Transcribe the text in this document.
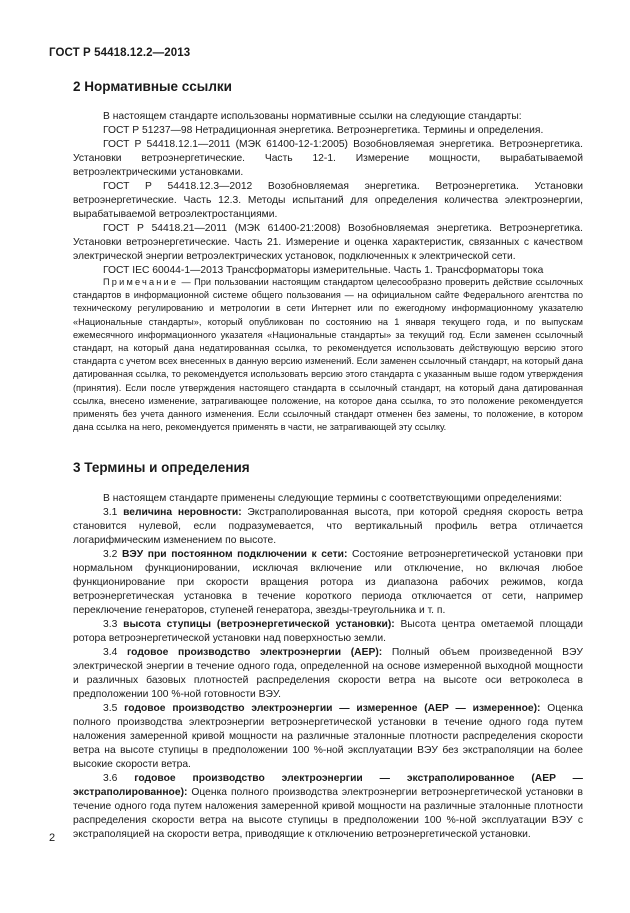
ГОСТ Р 54418.12.2—2013
2 Нормативные ссылки

В настоящем стандарте использованы нормативные ссылки на следующие стандарты:

ГОСТ Р 51237—98 Нетрадиционная энергетика. Ветроэнергетика. Термины и определения.

ГОСТ Р 54418.12.1—2011 (МЭК 61400-12-1:2005) Возобновляемая энергетика. Ветроэнергетика. Установки ветроэнергетические. Часть 12-1. Измерение мощности, вырабатываемой ветроэлектрическими установками.

ГОСТ Р 54418.12.3—2012 Возобновляемая энергетика. Ветроэнергетика. Установки ветроэнергетические. Часть 12.3. Методы испытаний для определения количества электроэнергии, вырабатываемой ветроэлектростанциями.

ГОСТ Р 54418.21—2011 (МЭК 61400-21:2008) Возобновляемая энергетика. Ветроэнергетика. Установки ветроэнергетические. Часть 21. Измерение и оценка характеристик, связанных с качеством электрической энергии ветроэлектрических установок, подключенных к электрической сети.

ГОСТ IEC 60044-1—2013 Трансформаторы измерительные. Часть 1. Трансформаторы тока

Примечание — При пользовании настоящим стандартом целесообразно проверить действие ссылочных стандартов в информационной системе общего пользования — на официальном сайте Федерального агентства по техническому регулированию и метрологии в сети Интернет или по ежегодному информационному указателю «Национальные стандарты», который опубликован по состоянию на 1 января текущего года, и по выпускам ежемесячного информационного указателя «Национальные стандарты» за текущий год. Если заменен ссылочный стандарт, на который дана недатированная ссылка, то рекомендуется использовать действующую версию этого стандарта с учетом всех внесенных в данную версию изменений. Если заменен ссылочный стандарт, на который дана датированная ссылка, то рекомендуется использовать версию этого стандарта с указанным выше годом утверждения (принятия). Если после утверждения настоящего стандарта в ссылочный стандарт, на который дана датированная ссылка, внесено изменение, затрагивающее положение, на которое дана ссылка, то это положение рекомендуется применять без учета данного изменения. Если ссылочный стандарт отменен без замены, то положение, в котором дана ссылка на него, рекомендуется применять в части, не затрагивающей эту ссылку.

3 Термины и определения

В настоящем стандарте применены следующие термины с соответствующими определениями:

3.1 величина неровности: Экстраполированная высота, при которой средняя скорость ветра становится нулевой, если подразумевается, что вертикальный профиль ветра отличается логарифмическим изменением по высоте.

3.2 ВЭУ при постоянном подключении к сети: Состояние ветроэнергетической установки при нормальном функционировании, исключая включение или отключение, но включая любое функционирование при скорости вращения ротора из диапазона рабочих режимов, когда ветроэнергетическая установка в течение короткого периода отключается от сети, например переключение генераторов, ступеней генератора, звезды-треугольника и т. п.

3.3 высота ступицы (ветроэнергетической установки): Высота центра ометаемой площади ротора ветроэнергетической установки над поверхностью земли.

3.4 годовое производство электроэнергии (AEP): Полный объем произведенной ВЭУ электрической энергии в течение одного года, определенной на основе измеренной выходной мощности и различных базовых плотностей распределения скорости ветра на высоте оси ветроколеса в предположении 100 %-ной готовности ВЭУ.

3.5 годовое производство электроэнергии — измеренное (AEP — измеренное): Оценка полного производства электроэнергии ветроэнергетической установки в течение одного года путем наложения замеренной кривой мощности на различные эталонные плотности распределения скорости ветра на высоте ступицы в предположении 100 %-ной эксплуатации ВЭУ без экстраполяции на более высокие скорости ветра.

3.6 годовое производство электроэнергии — экстраполированное (AEP — экстраполированное): Оценка полного производства электроэнергии ветроэнергетической установки в течение одного года путем наложения замеренной кривой мощности на различные эталонные плотности распределения скорости ветра на высоте ступицы в предположении 100 %-ной эксплуатации ВЭУ с экстраполяцией на скорости ветра, приводящие к отключению ветроэнергетической установки.

2
